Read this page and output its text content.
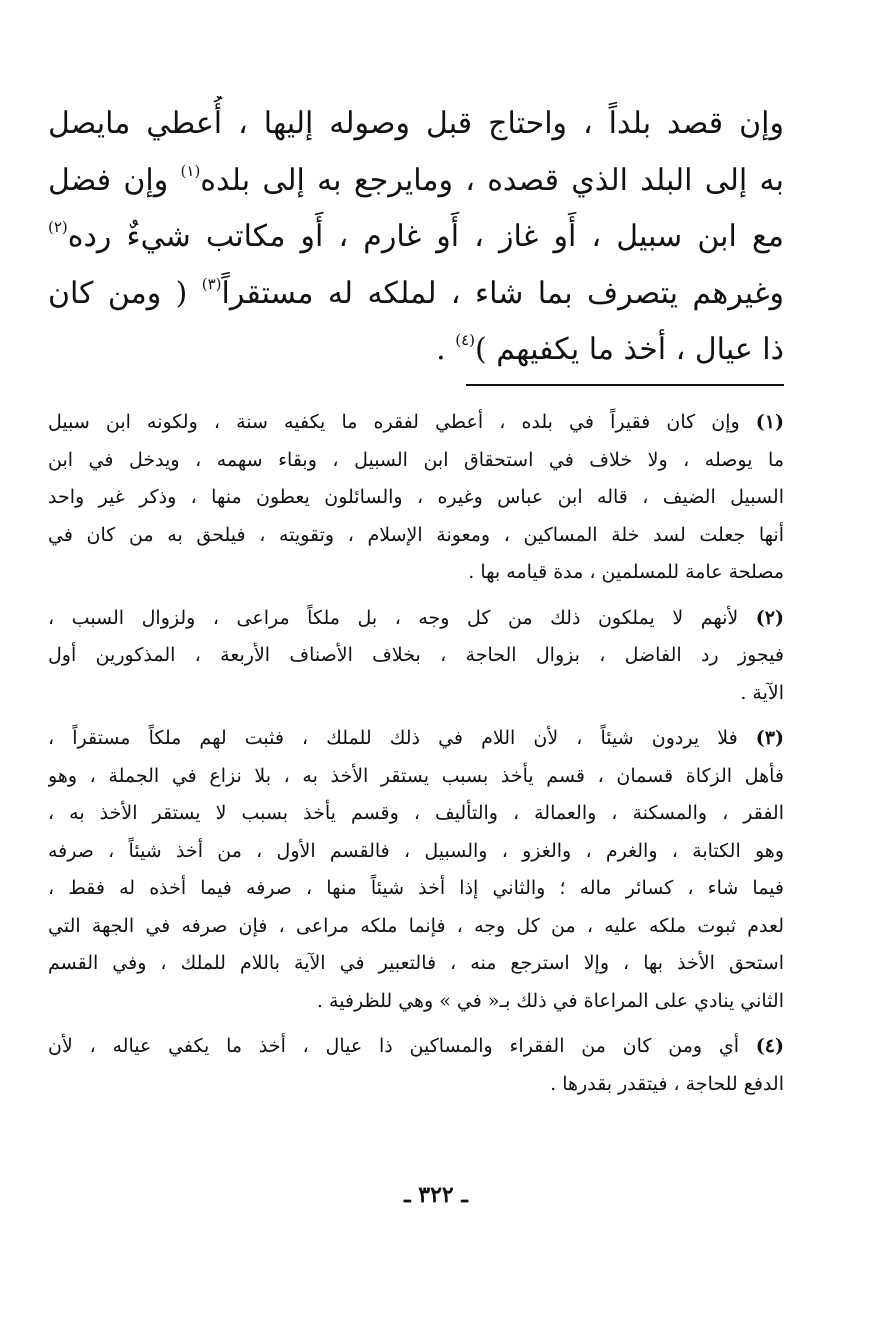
وإن قصد بلداً ، واحتاج قبل وصوله إليها ، أُعطي مايصل
به إلى البلد الذي قصده ، ومايرجع به إلى بلده$^{(١)}$ وإن فضل
مع ابن سبيل ، أَو غاز ، أَو غارم ، أَو مكاتب شيءٌ رده$^{(٢)}$
وغيرهم يتصرف بما شاء ، لملكه له مستقراً$^{(٣)}$ ( ومن كان
ذا عيال ، أخذ ما يكفيهم )$^{(٤)}$ .
(١) وإن كان فقيراً في بلده ، أعطي لفقره ما يكفيه سنة ، ولكونه ابن سبيل
ما يوصله ، ولا خلاف في استحقاق ابن السبيل ، وبقاء سهمه ، ويدخل في ابن
السبيل الضيف ، قاله ابن عباس وغيره ، والسائلون يعطون منها ، وذكر غير واحد
أنها جعلت لسد خلة المساكين ، ومعونة الإسلام ، وتقويته ، فيلحق به من كان في
مصلحة عامة للمسلمين ، مدة قيامه بها .
(٢) لأنهم لا يملكون ذلك من كل وجه ، بل ملكاً مراعى ، ولزوال السبب ،
فيجوز رد الفاضل ، بزوال الحاجة ، بخلاف الأصناف الأربعة ، المذكورين أول
الآية .
(٣) فلا يردون شيئاً ، لأن اللام في ذلك للملك ، فثبت لهم ملكاً مستقراً ،
فأهل الزكاة قسمان ، قسم يأخذ بسبب يستقر الأخذ به ، بلا نزاع في الجملة ، وهو
الفقر ، والمسكنة ، والعمالة ، والتأليف ، وقسم يأخذ بسبب لا يستقر الأخذ به ،
وهو الكتابة ، والغرم ، والغزو ، والسبيل ، فالقسم الأول ، من أخذ شيئاً ، صرفه
فيما شاء ، كسائر ماله ؛ والثاني إذا أخذ شيئاً منها ، صرفه فيما أخذه له فقط ،
لعدم ثبوت ملكه عليه ، من كل وجه ، فإنما ملكه مراعى ، فإن صرفه في الجهة التي
استحق الأخذ بها ، وإلا استرجع منه ، فالتعبير في الآية باللام للملك ، وفي القسم
الثاني ينادي على المراعاة في ذلك بـ« في » وهي للظرفية .
(٤) أي ومن كان من الفقراء والمساكين ذا عيال ، أخذ ما يكفي عياله ، لأن
الدفع للحاجة ، فيتقدر بقدرها .
ـ ٣٢٢ ـ
